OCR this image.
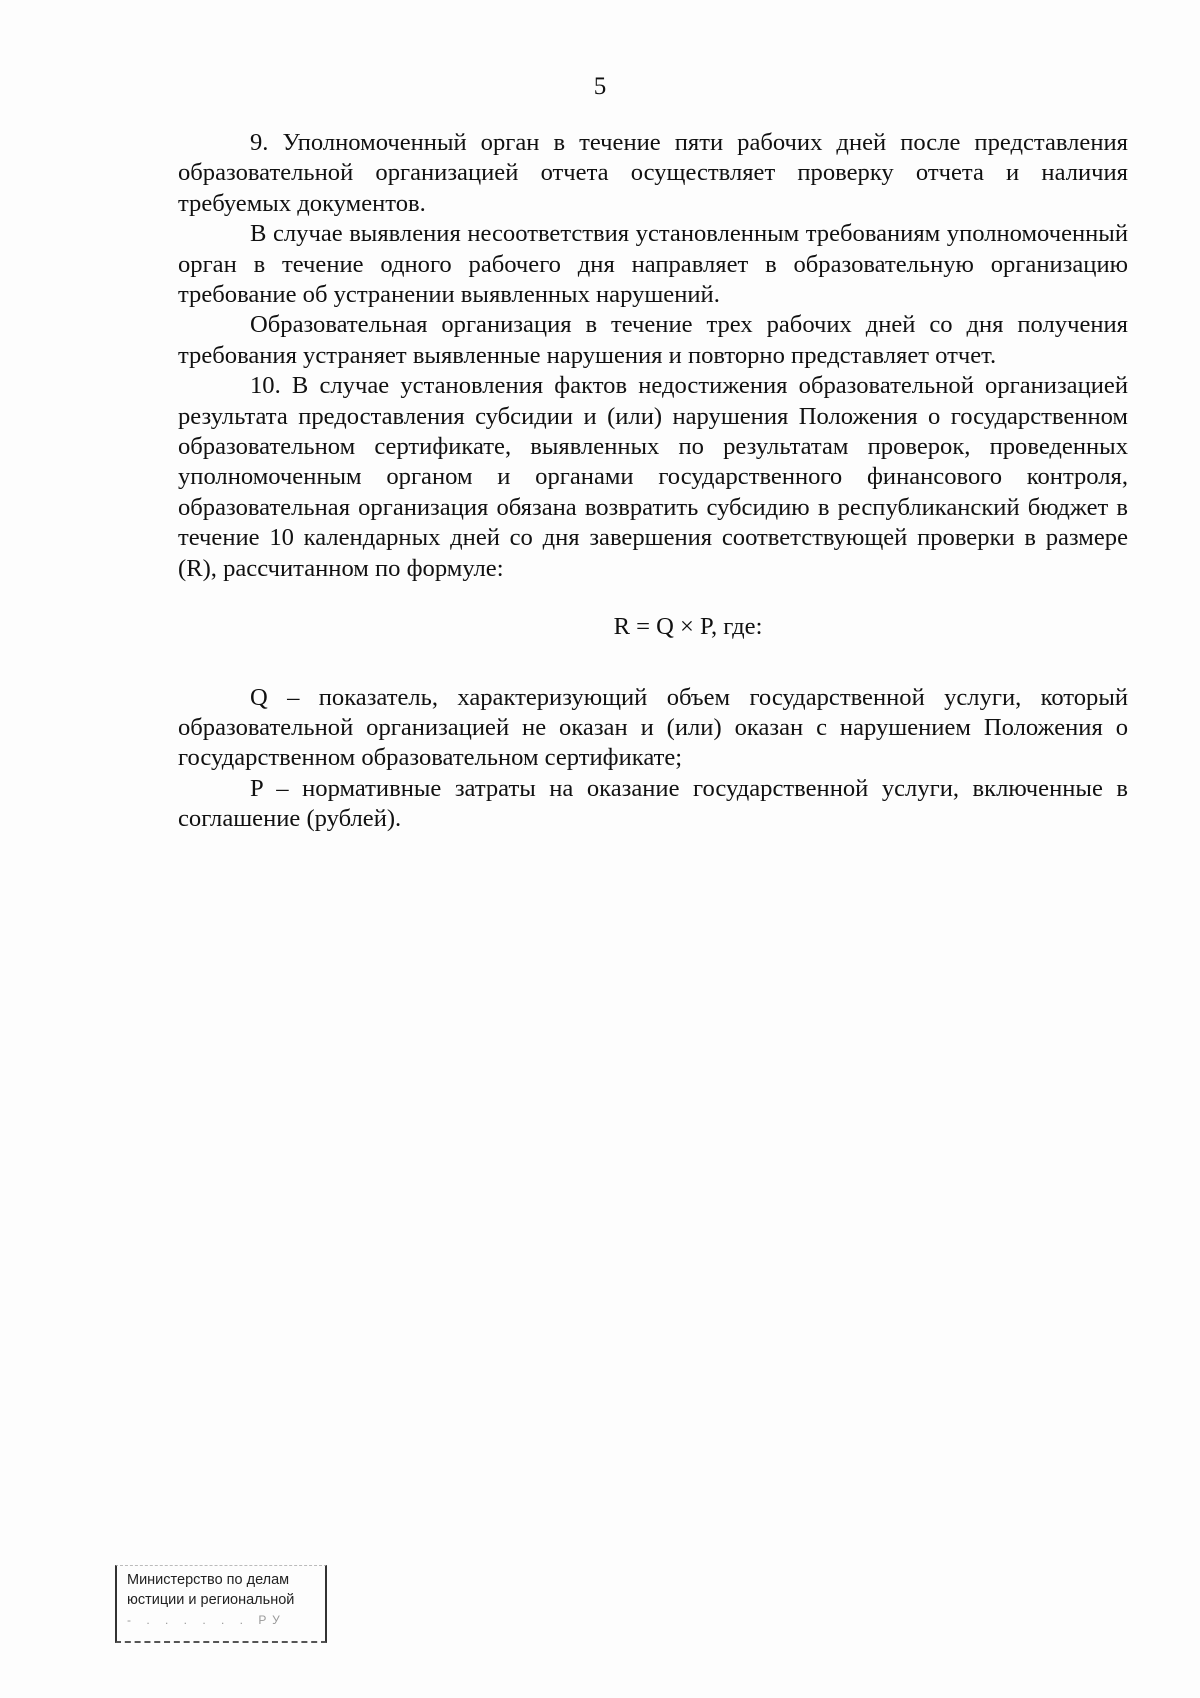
5

9. Уполномоченный орган в течение пяти рабочих дней после представления образовательной организацией отчета осуществляет проверку отчета и наличия требуемых документов.

В случае выявления несоответствия установленным требованиям уполномоченный орган в течение одного рабочего дня направляет в образовательную организацию требование об устранении выявленных нарушений.

Образовательная организация в течение трех рабочих дней со дня получения требования устраняет выявленные нарушения и повторно представляет отчет.

10. В случае установления фактов недостижения образовательной организацией результата предоставления субсидии и (или) нарушения Положения о государственном образовательном сертификате, выявленных по результатам проверок, проведенных уполномоченным органом и органами государственного финансового контроля, образовательная организация обязана возвратить субсидию в республиканский бюджет в течение 10 календарных дней со дня завершения соответствующей проверки в размере (R), рассчитанном по формуле:

R = Q × P, где:

Q – показатель, характеризующий объем государственной услуги, который образовательной организацией не оказан и (или) оказан с нарушением Положения о государственном образовательном сертификате;

P – нормативные затраты на оказание государственной услуги, включенные в соглашение (рублей).

Министерство по делам
юстиции и региональной
- . . . . . . РУ
